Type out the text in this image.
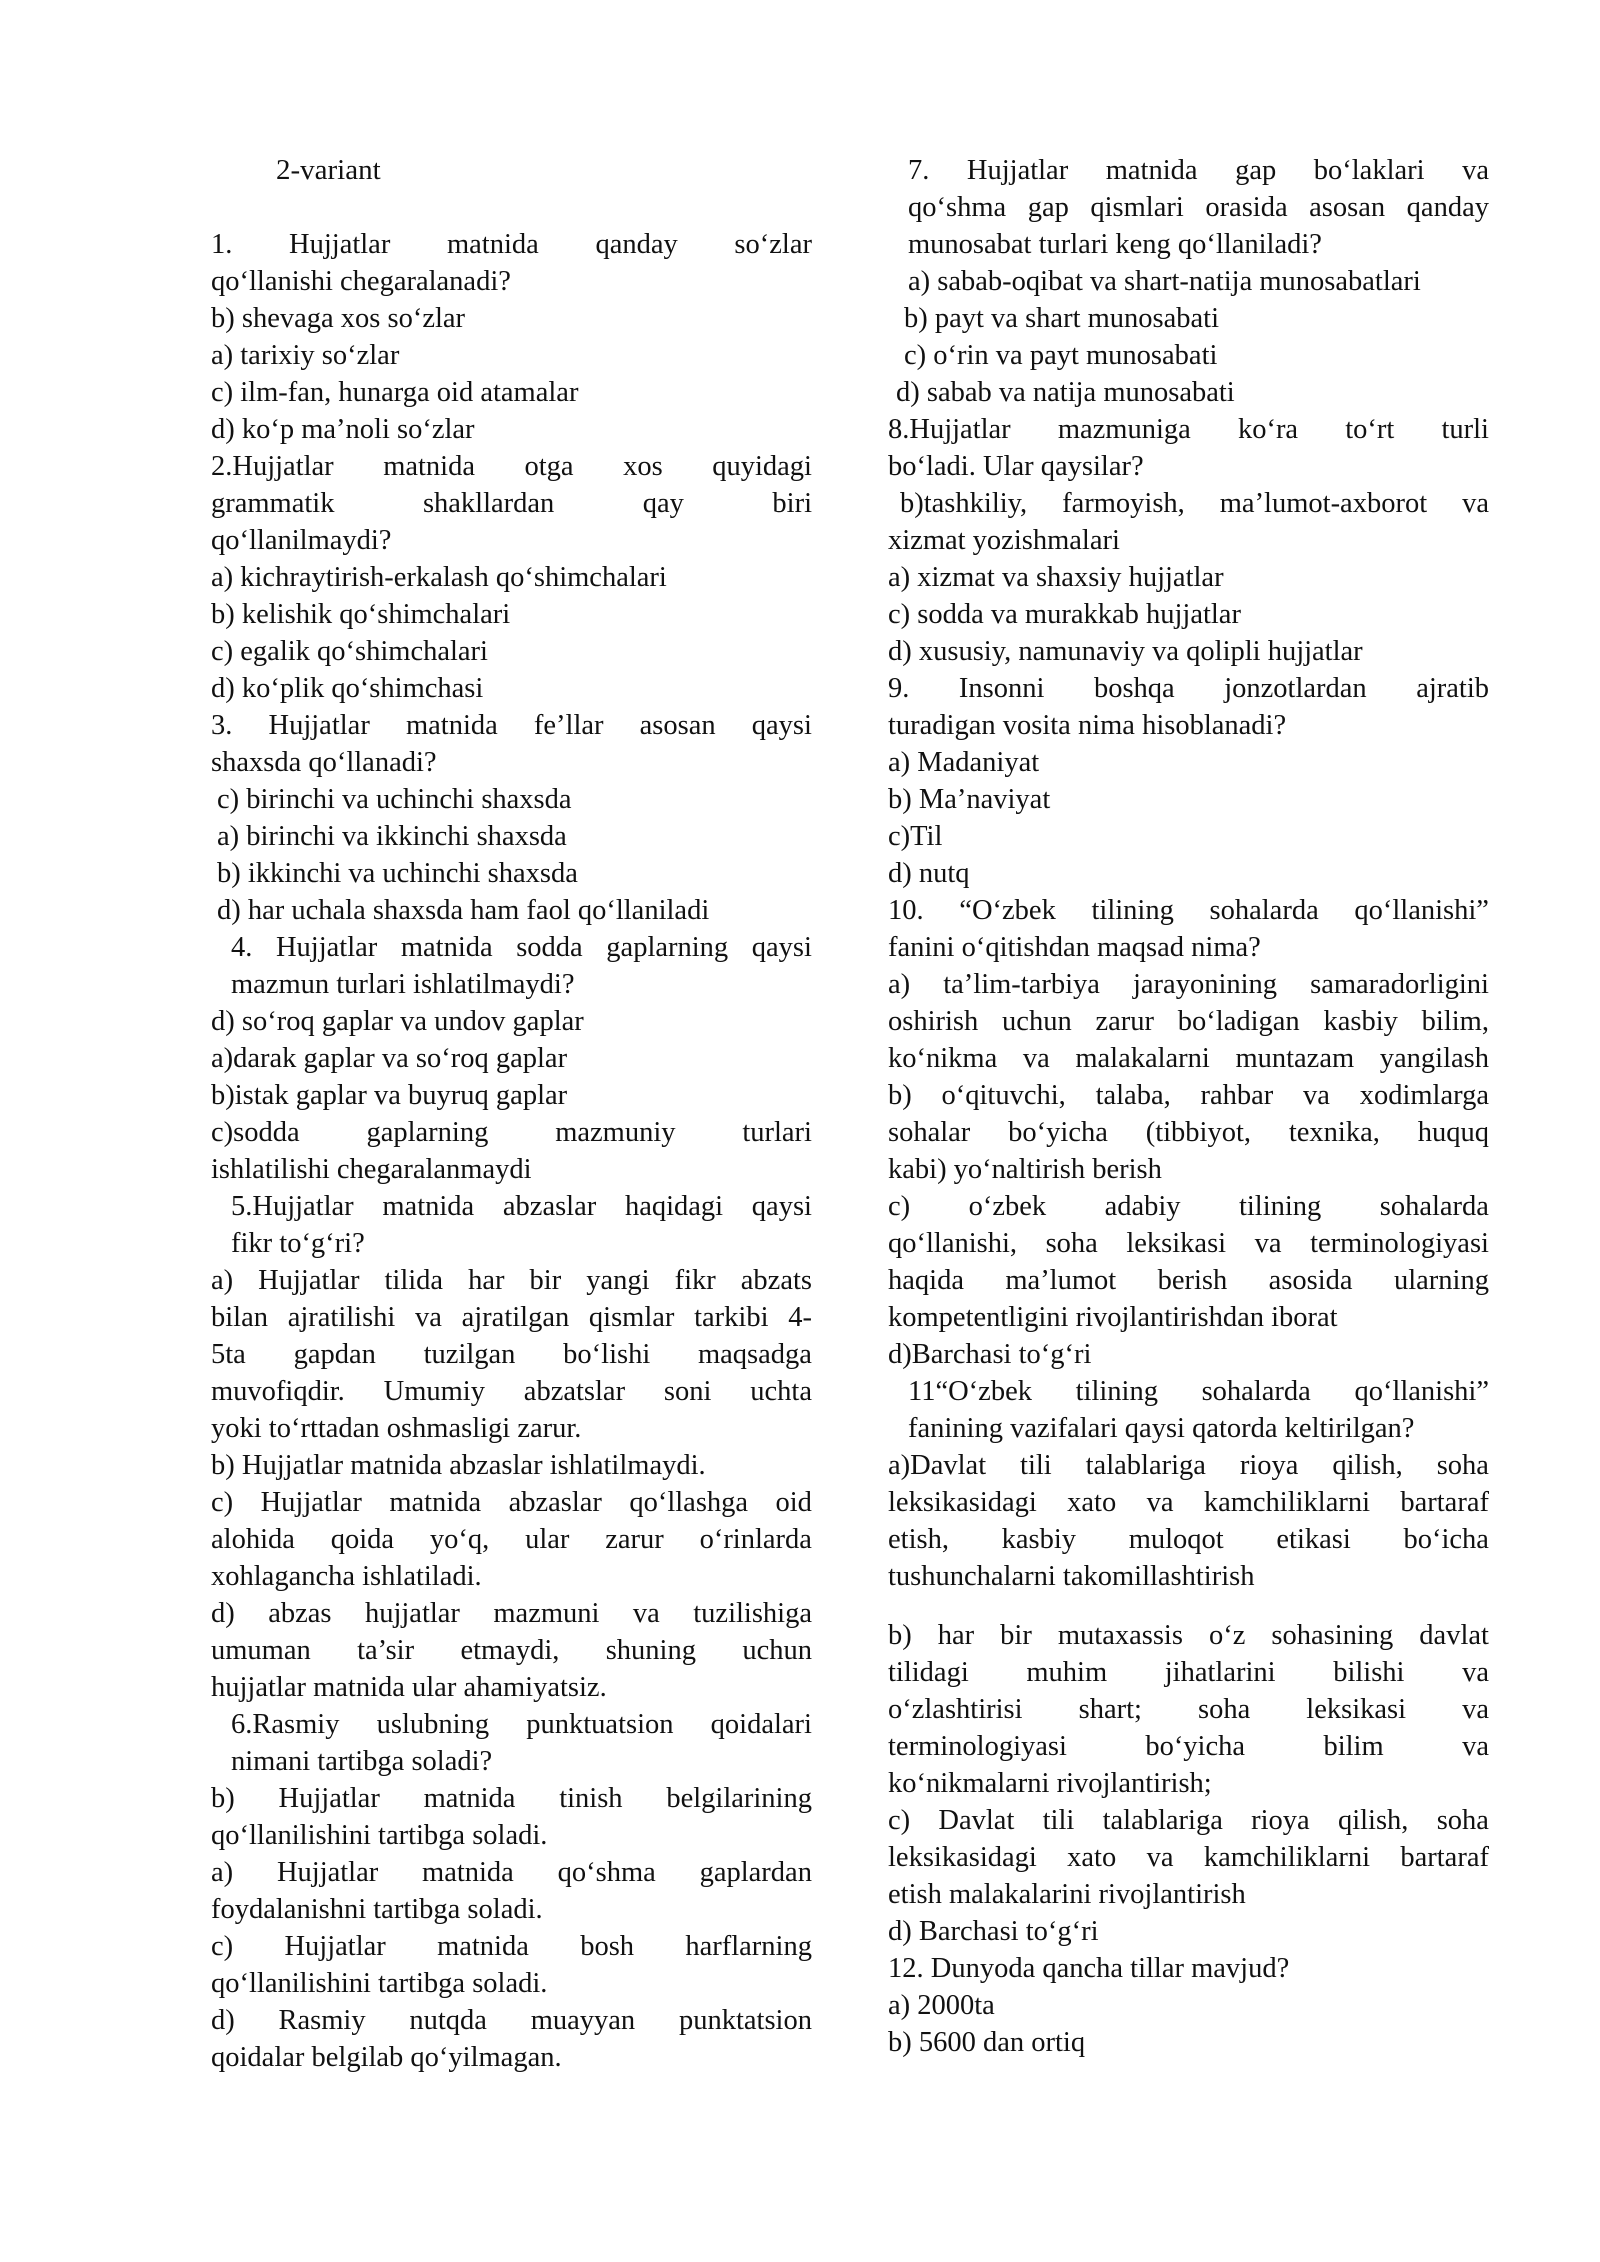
2-variant
1. Hujjatlar matnida qanday so‘zlar
qo‘llanishi chegaralanadi?
b) shevaga xos so‘zlar
a) tarixiy so‘zlar
c) ilm-fan, hunarga oid atamalar
d) ko‘p ma’noli so‘zlar
2.Hujjatlar matnida otga xos quyidagi
grammatik	shakllardan	qay	biri
qo‘llanilmaydi?
a) kichraytirish-erkalash qo‘shimchalari
b) kelishik qo‘shimchalari
c) egalik qo‘shimchalari
d) ko‘plik qo‘shimchasi
3. Hujjatlar matnida fe’llar asosan qaysi
shaxsda qo‘llanadi?
c) birinchi va uchinchi shaxsda
a) birinchi va ikkinchi shaxsda
b) ikkinchi va uchinchi shaxsda
d) har uchala shaxsda ham faol qo‘llaniladi
4. Hujjatlar matnida sodda gaplarning qaysi
mazmun turlari ishlatilmaydi?
d) so‘roq gaplar va undov gaplar
a)darak gaplar va so‘roq gaplar
b)istak gaplar va buyruq gaplar
c)sodda gaplarning mazmuniy turlari
ishlatilishi chegaralanmaydi
5.Hujjatlar matnida abzaslar haqidagi qaysi
fikr to‘g‘ri?
a) Hujjatlar tilida har bir yangi fikr abzats
bilan ajratilishi va ajratilgan qismlar tarkibi 4-
5ta gapdan tuzilgan bo‘lishi maqsadga
muvofiqdir. Umumiy abzatslar soni uchta
yoki to‘rttadan oshmasligi zarur.
b) Hujjatlar matnida abzaslar ishlatilmaydi.
c) Hujjatlar matnida abzaslar qo‘llashga oid
alohida qoida yo‘q, ular zarur o‘rinlarda
xohlagancha ishlatiladi.
d) abzas hujjatlar mazmuni va tuzilishiga
umuman ta’sir etmaydi, shuning uchun
hujjatlar matnida ular ahamiyatsiz.
6.Rasmiy uslubning punktuatsion qoidalari
nimani tartibga soladi?
b) Hujjatlar matnida tinish belgilarining
qo‘llanilishini tartibga soladi.
a) Hujjatlar matnida qo‘shma gaplardan
foydalanishni tartibga soladi.
c) Hujjatlar matnida bosh harflarning
qo‘llanilishini tartibga soladi.
d) Rasmiy nutqda muayyan punktatsion
qoidalar belgilab qo‘yilmagan.
7. Hujjatlar matnida gap bo‘laklari va
qo‘shma gap qismlari orasida asosan qanday
munosabat turlari keng qo‘llaniladi?
a) sabab-oqibat va shart-natija munosabatlari
b) payt va shart munosabati
c) o‘rin va payt munosabati
d) sabab va natija munosabati
8.Hujjatlar mazmuniga ko‘ra to‘rt turli
bo‘ladi. Ular qaysilar?
b)tashkiliy, farmoyish, ma’lumot-axborot va
xizmat yozishmalari
a) xizmat va shaxsiy hujjatlar
c) sodda va murakkab hujjatlar
d) xususiy, namunaviy va qolipli hujjatlar
9. Insonni boshqa jonzotlardan ajratib
turadigan vosita nima hisoblanadi?
a) Madaniyat
b) Ma’naviyat
c)Til
d) nutq
10. “O‘zbek tilining sohalarda qo‘llanishi”
fanini o‘qitishdan maqsad nima?
a) ta’lim-tarbiya jarayonining samaradorligini
oshirish uchun zarur bo‘ladigan kasbiy bilim,
ko‘nikma va malakalarni muntazam yangilash
b) o‘qituvchi, talaba, rahbar va xodimlarga
sohalar bo‘yicha (tibbiyot, texnika, huquq
kabi) yo‘naltirish berish
c) o‘zbek adabiy tilining sohalarda
qo‘llanishi, soha leksikasi va terminologiyasi
haqida ma’lumot berish asosida ularning
kompetentligini rivojlantirishdan iborat
d)Barchasi to‘g‘ri
11“O‘zbek tilining sohalarda qo‘llanishi”
fanining vazifalari qaysi qatorda keltirilgan?
a)Davlat tili talablariga rioya qilish, soha
leksikasidagi xato va kamchiliklarni bartaraf
etish, kasbiy muloqot etikasi bo‘icha
tushunchalarni takomillashtirish
b) har bir mutaxassis o‘z sohasining davlat
tilidagi muhim jihatlarini bilishi va
o‘zlashtirisi shart; soha leksikasi va
terminologiyasi	bo‘yicha	bilim	va
ko‘nikmalarni rivojlantirish;
c) Davlat tili talablariga rioya qilish, soha
leksikasidagi xato va kamchiliklarni bartaraf
etish malakalarini rivojlantirish
d) Barchasi to‘g‘ri
12. Dunyoda qancha tillar mavjud?
a) 2000ta
b) 5600 dan ortiq
